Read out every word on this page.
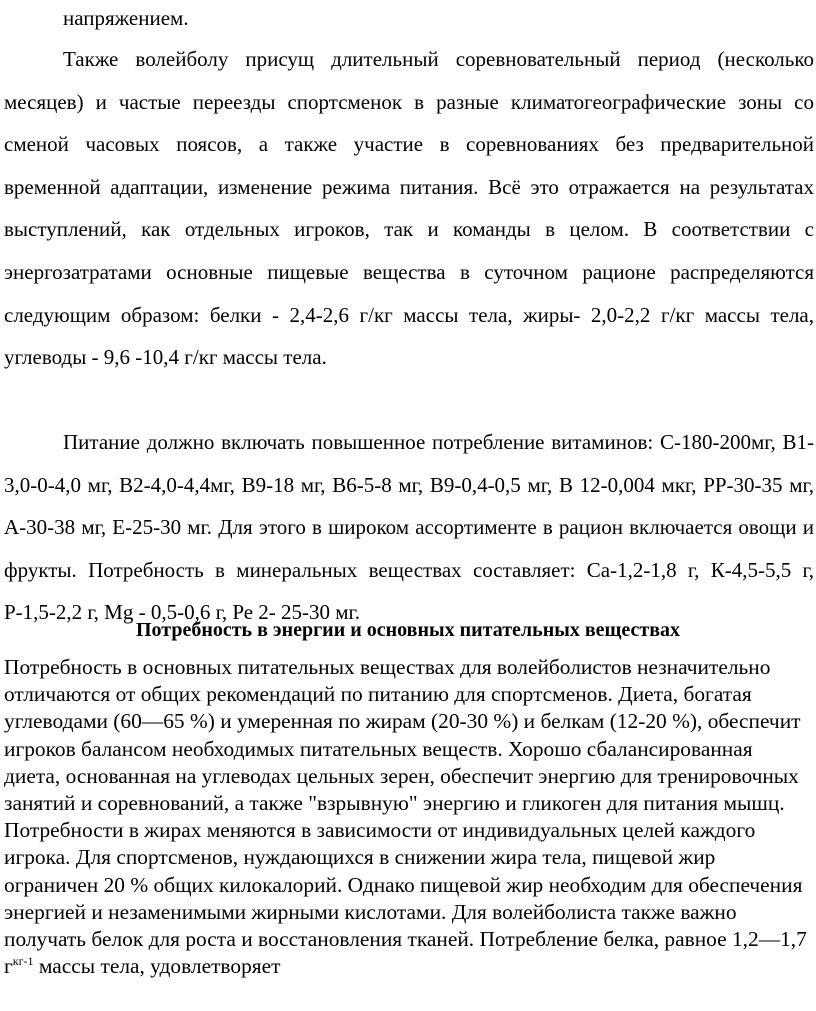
напряжением.

Также волейболу присущ длительный соревновательный период (несколько месяцев) и частые переезды спортсменок в разные климатогеографические зоны со сменой часовых поясов, а также участие в соревнованиях без предварительной временной адаптации, изменение режима питания. Всё это отражается на результатах выступлений, как отдельных игроков, так и команды в целом. В соответствии с энергозатратами основные пищевые вещества в суточном рационе распределяются следующим образом: белки - 2,4-2,6 г/кг массы тела, жиры- 2,0-2,2 г/кг массы тела, углеводы - 9,6 -10,4 г/кг массы тела.

Питание должно включать повышенное потребление витаминов: С-180-200мг, В1-3,0-0-4,0 мг, В2-4,0-4,4мг, В9-18 мг, В6-5-8 мг, В9-0,4-0,5 мг, В 12-0,004 мкг, РР-30-35 мг, А-30-38 мг, Е-25-30 мг. Для этого в широком ассортименте в рацион включается овощи и фрукты. Потребность в минеральных веществах составляет: Са-1,2-1,8 г, К-4,5-5,5 г, Р-1,5-2,2 г, Mg - 0,5-0,6 г, Ре 2- 25-30 мг.

Потребность в энергии и основных питательных веществах

Потребность в основных питательных веществах для волейболистов незначительно отличаются от общих рекомендаций по питанию для спортсменов. Диета, богатая углеводами (60—65 %) и умеренная по жирам (20-30 %) и белкам (12-20 %), обеспечит игроков балансом необходимых питательных веществ. Хорошо сбалансированная диета, основанная на углеводах цельных зерен, обеспечит энергию для тренировочных занятий и соревнований, а также "взрывную" энергию и гликоген для питания мышц. Потребности в жирах меняются в зависимости от индивидуальных целей каждого игрока. Для спортсменов, нуждающихся в снижении жира тела, пищевой жир ограничен 20 % общих килокалорий. Однако пищевой жир необходим для обеспечения энергией и незаменимыми жирными кислотами. Для волейболиста также важно получать белок для роста и восстановления тканей. Потребление белка, равное 1,2—1,7 $г^{кг-1}$ массы тела, удовлетворяет
